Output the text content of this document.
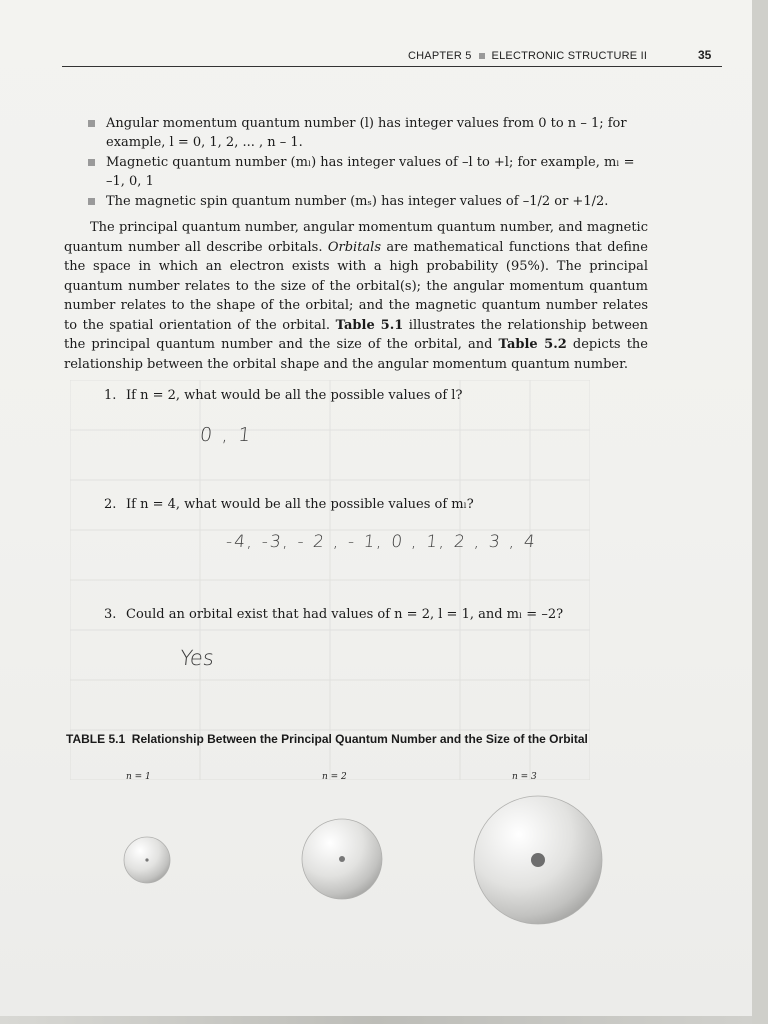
CHAPTER 5 ELECTRONIC STRUCTURE II	35
Angular momentum quantum number (l) has integer values from 0 to n – 1; for
example, l = 0, 1, 2, ... , n – 1.
Magnetic quantum number (mₗ) has integer values of –l to +l; for example, mₗ =
–1, 0, 1
The magnetic spin quantum number (mₛ) has integer values of –1/2 or +1/2.

The principal quantum number, angular momentum quantum number, and magnetic quantum number all describe orbitals. Orbitals are mathematical functions that define the space in which an electron exists with a high probability (95%). The principal quantum number relates to the size of the orbital(s); the angular momentum quantum number relates to the shape of the orbital; and the magnetic quantum number relates to the spatial orientation of the orbital. Table 5.1 illustrates the relationship between the principal quantum number and the size of the orbital, and Table 5.2 depicts the relationship between the orbital shape and the angular momentum quantum number.

1. If n = 2, what would be all the possible values of l?
0 , 1
2. If n = 4, what would be all the possible values of mₗ?
-4, -3, - 2 , - 1, 0 , 1, 2 , 3 , 4
3. Could an orbital exist that had values of n = 2, l = 1, and mₗ = –2?
Yes
TABLE 5.1 Relationship Between the Principal Quantum Number and the Size of the Orbital
n = 1	n = 2	n = 3
